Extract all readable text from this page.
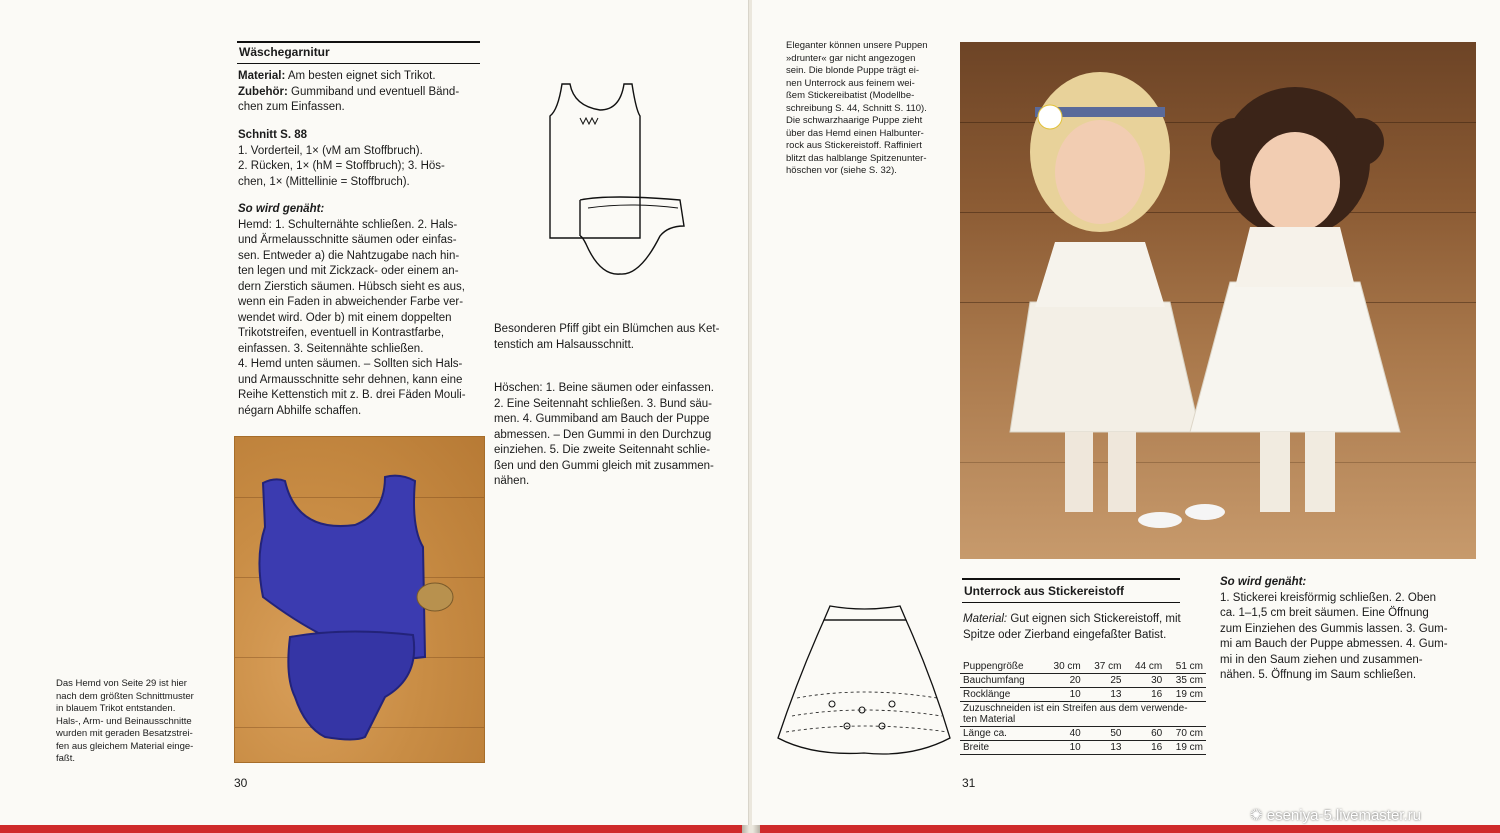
Wäschegarnitur
Material: Am besten eignet sich Trikot.
Zubehör: Gummiband und eventuell Bänd-
chen zum Einfassen.
Schnitt S. 88
1. Vorderteil, 1× (vM am Stoffbruch).
2. Rücken, 1× (hM = Stoffbruch); 3. Hös-
chen, 1× (Mittellinie = Stoffbruch).
So wird genäht:
Hemd: 1. Schulternähte schließen. 2. Hals-
und Ärmelausschnitte säumen oder einfas-
sen. Entweder a) die Nahtzugabe nach hin-
ten legen und mit Zickzack- oder einem an-
dern Zierstich säumen. Hübsch sieht es aus,
wenn ein Faden in abweichender Farbe ver-
wendet wird. Oder b) mit einem doppelten
Trikotstreifen, eventuell in Kontrastfarbe,
einfassen. 3. Seitennähte schließen.
4. Hemd unten säumen. – Sollten sich Hals-
und Armausschnitte sehr dehnen, kann eine
Reihe Kettenstich mit z. B. drei Fäden Mouli-
négarn Abhilfe schaffen.
Besonderen Pfiff gibt ein Blümchen aus Ket-
tenstich am Halsausschnitt.
Höschen: 1. Beine säumen oder einfassen.
2. Eine Seitennaht schließen. 3. Bund säu-
men. 4. Gummiband am Bauch der Puppe
abmessen. – Den Gummi in den Durchzug
einziehen. 5. Die zweite Seitennaht schlie-
ßen und den Gummi gleich mit zusammen-
nähen.
Das Hemd von Seite 29 ist hier
nach dem größten Schnittmuster
in blauem Trikot entstanden.
Hals-, Arm- und Beinausschnitte
wurden mit geraden Besatzstrei-
fen aus gleichem Material einge-
faßt.
30
Eleganter können unsere Puppen
»drunter« gar nicht angezogen
sein. Die blonde Puppe trägt ei-
nen Unterrock aus feinem wei-
ßem Stickereibatist (Modellbe-
schreibung S. 44, Schnitt S. 110).
Die schwarzhaarige Puppe zieht
über das Hemd einen Halbunter-
rock aus Stickereistoff. Raffiniert
blitzt das halblange Spitzenunter-
höschen vor (siehe S. 32).
Unterrock aus Stickereistoff
Material: Gut eignen sich Stickereistoff, mit
Spitze oder Zierband eingefaßter Batist.
Puppengröße	30 cm	37 cm	44 cm	51 cm
Bauchumfang	20	25	30	35 cm
Rocklänge	10	13	16	19 cm

Zuzuschneiden ist ein Streifen aus dem verwende-
ten Material				

Länge ca.	40	50	60	70 cm
Breite	10	13	16	19 cm
So wird genäht:
1. Stickerei kreisförmig schließen. 2. Oben
ca. 1–1,5 cm breit säumen. Eine Öffnung
zum Einziehen des Gummis lassen. 3. Gum-
mi am Bauch der Puppe abmessen. 4. Gum-
mi in den Saum ziehen und zusammen-
nähen. 5. Öffnung im Saum schließen.
31
✺ eseniya-5.livemaster.ru
